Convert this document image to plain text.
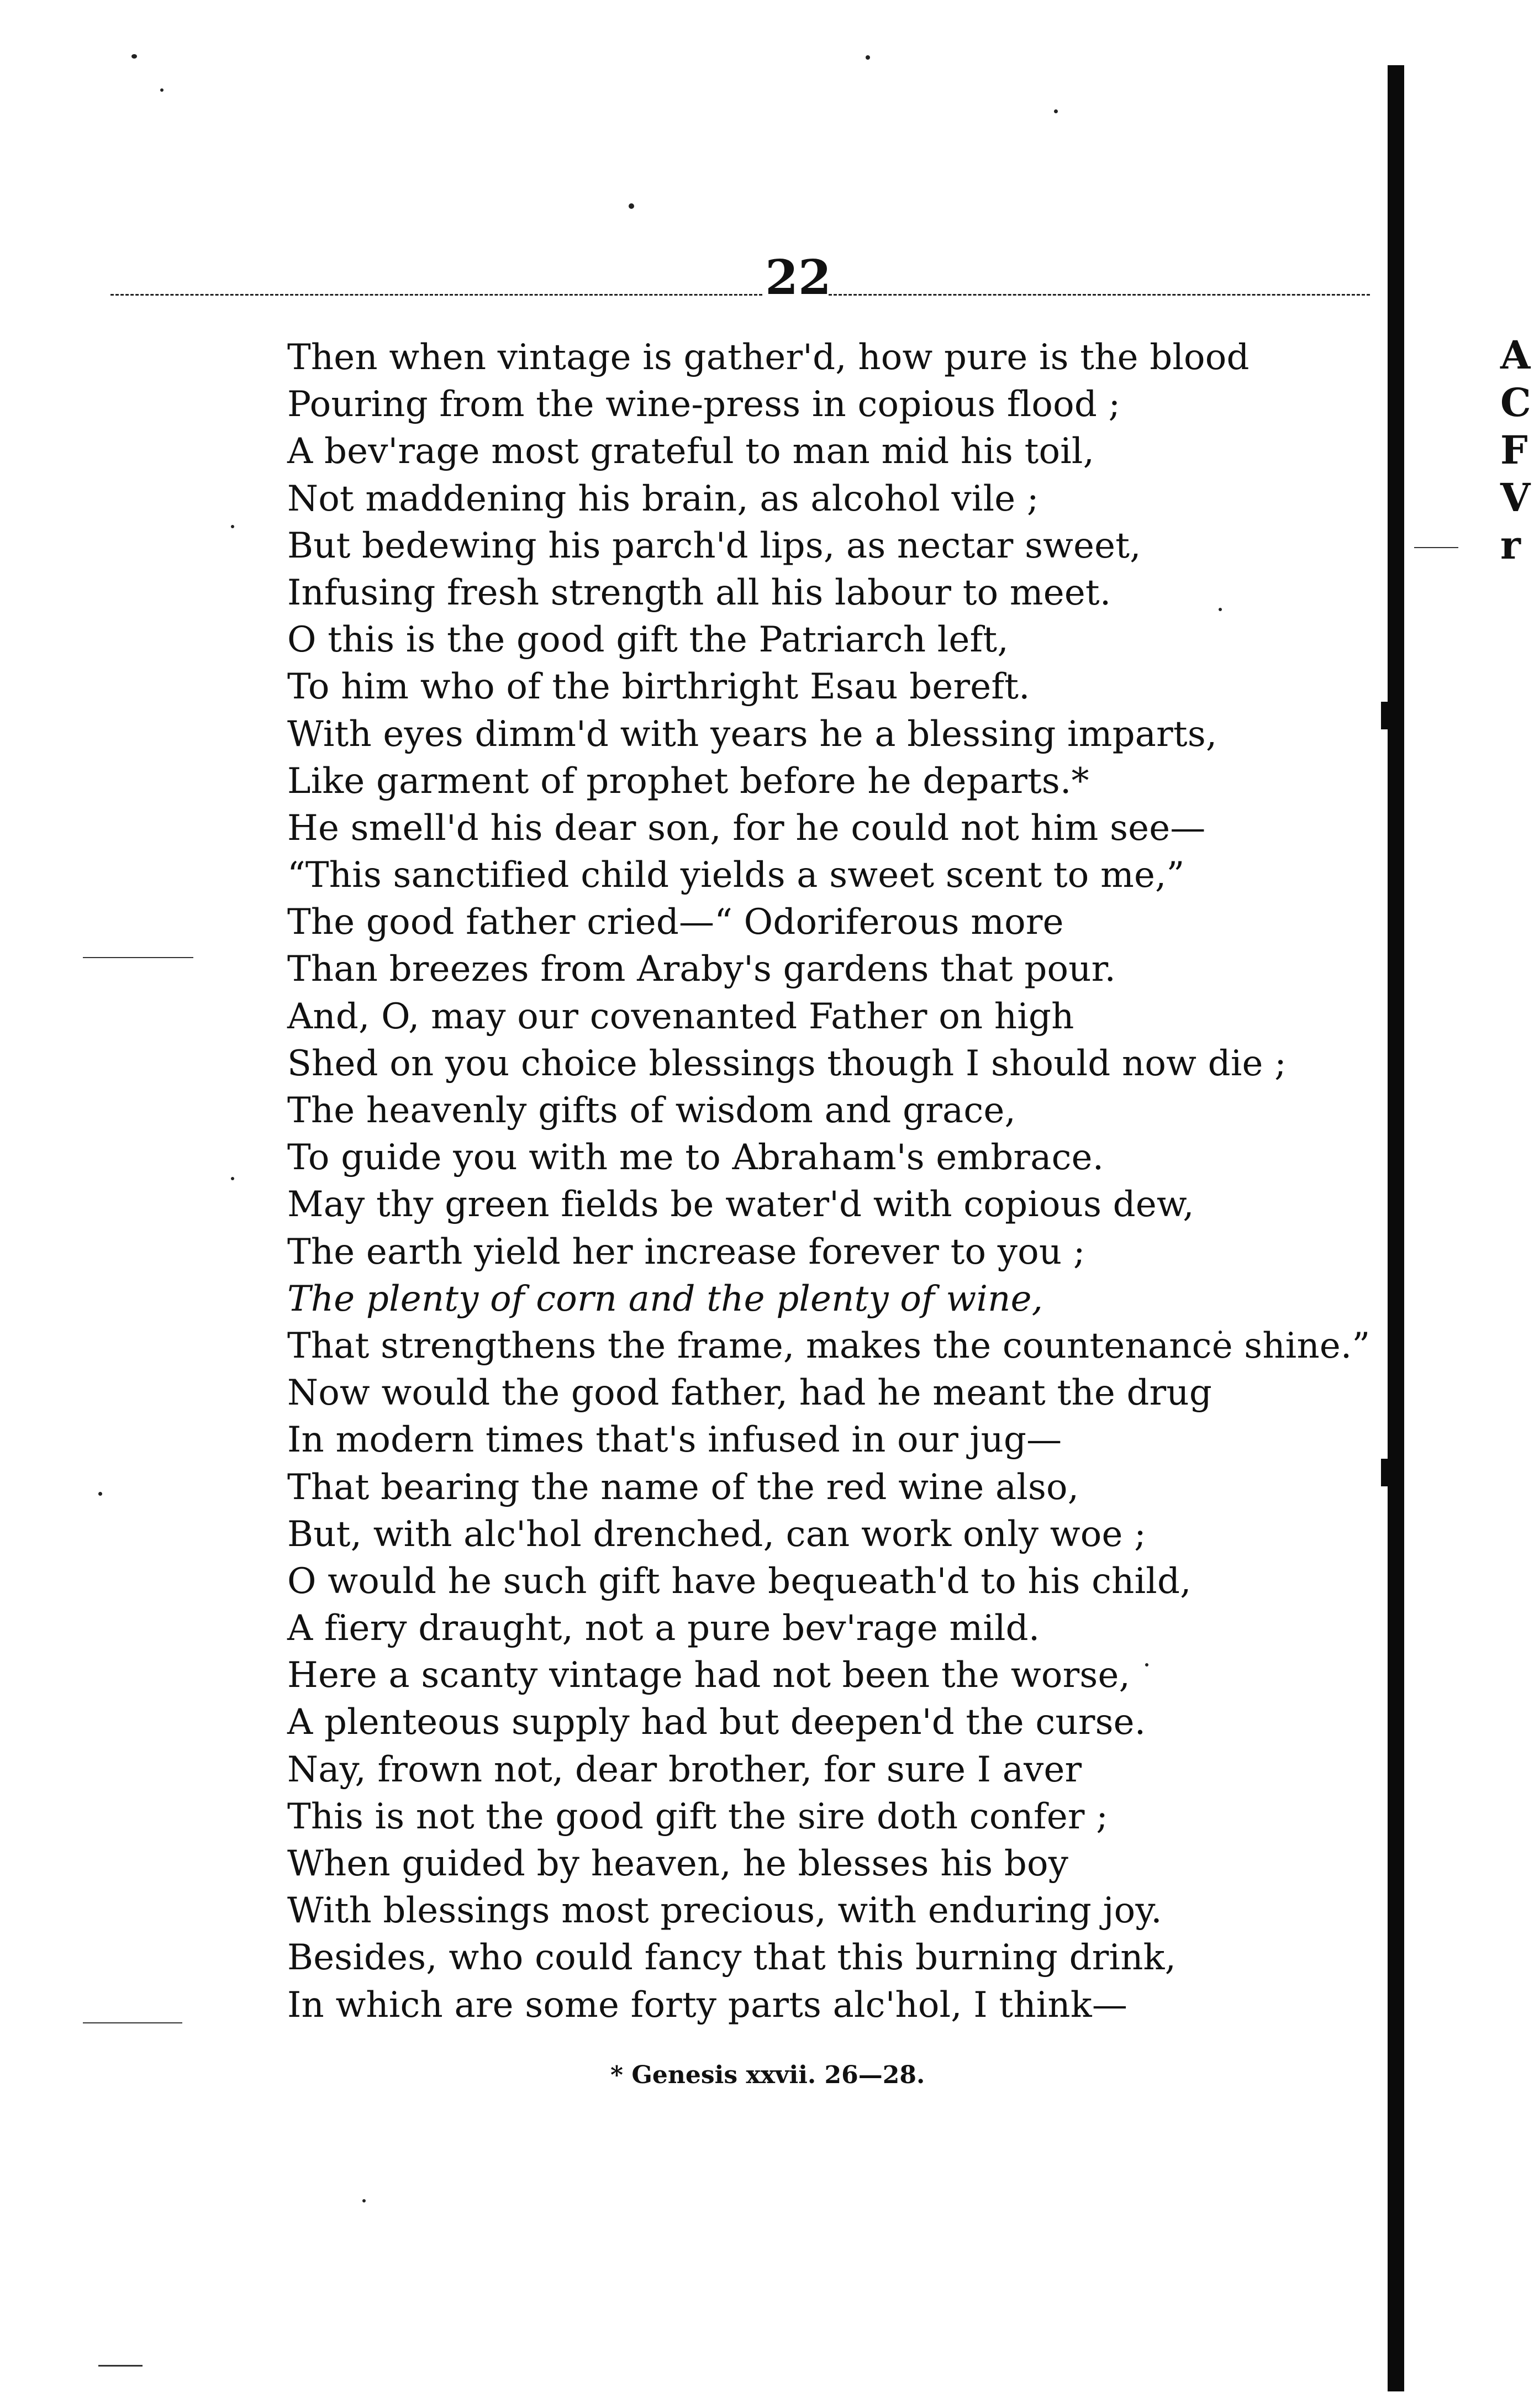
A
C
F
V
r
22
Then when vintage is gather'd, how pure is the blood
Pouring from the wine-press in copious flood ;
A bev'rage most grateful to man mid his toil,
Not maddening his brain, as alcohol vile ;
But bedewing his parch'd lips, as nectar sweet,
Infusing fresh strength all his labour to meet.
O this is the good gift the Patriarch left,
To him who of the birthright Esau bereft.
With eyes dimm'd with years he a blessing imparts,
Like garment of prophet before he departs.*
He smell'd his dear son, for he could not him see—
“This sanctified child yields a sweet scent to me,”
The good father cried—“ Odoriferous more
Than breezes from Araby's gardens that pour.
And, O, may our covenanted Father on high
Shed on you choice blessings though I should now die ;
The heavenly gifts of wisdom and grace,
To guide you with me to Abraham's embrace.
May thy green fields be water'd with copious dew,
The earth yield her increase forever to you ;
The plenty of corn and the plenty of wine,
That strengthens the frame, makes the countenance shine.”
Now would the good father, had he meant the drug
In modern times that's infused in our jug—
That bearing the name of the red wine also,
But, with alc'hol drenched, can work only woe ;
O would he such gift have bequeath'd to his child,
A fiery draught, not a pure bev'rage mild.
Here a scanty vintage had not been the worse,
A plenteous supply had but deepen'd the curse.
Nay, frown not, dear brother, for sure I aver
This is not the good gift the sire doth confer ;
When guided by heaven, he blesses his boy
With blessings most precious, with enduring joy.
Besides, who could fancy that this burning drink,
In which are some forty parts alc'hol, I think—
* Genesis xxvii. 26—28.
